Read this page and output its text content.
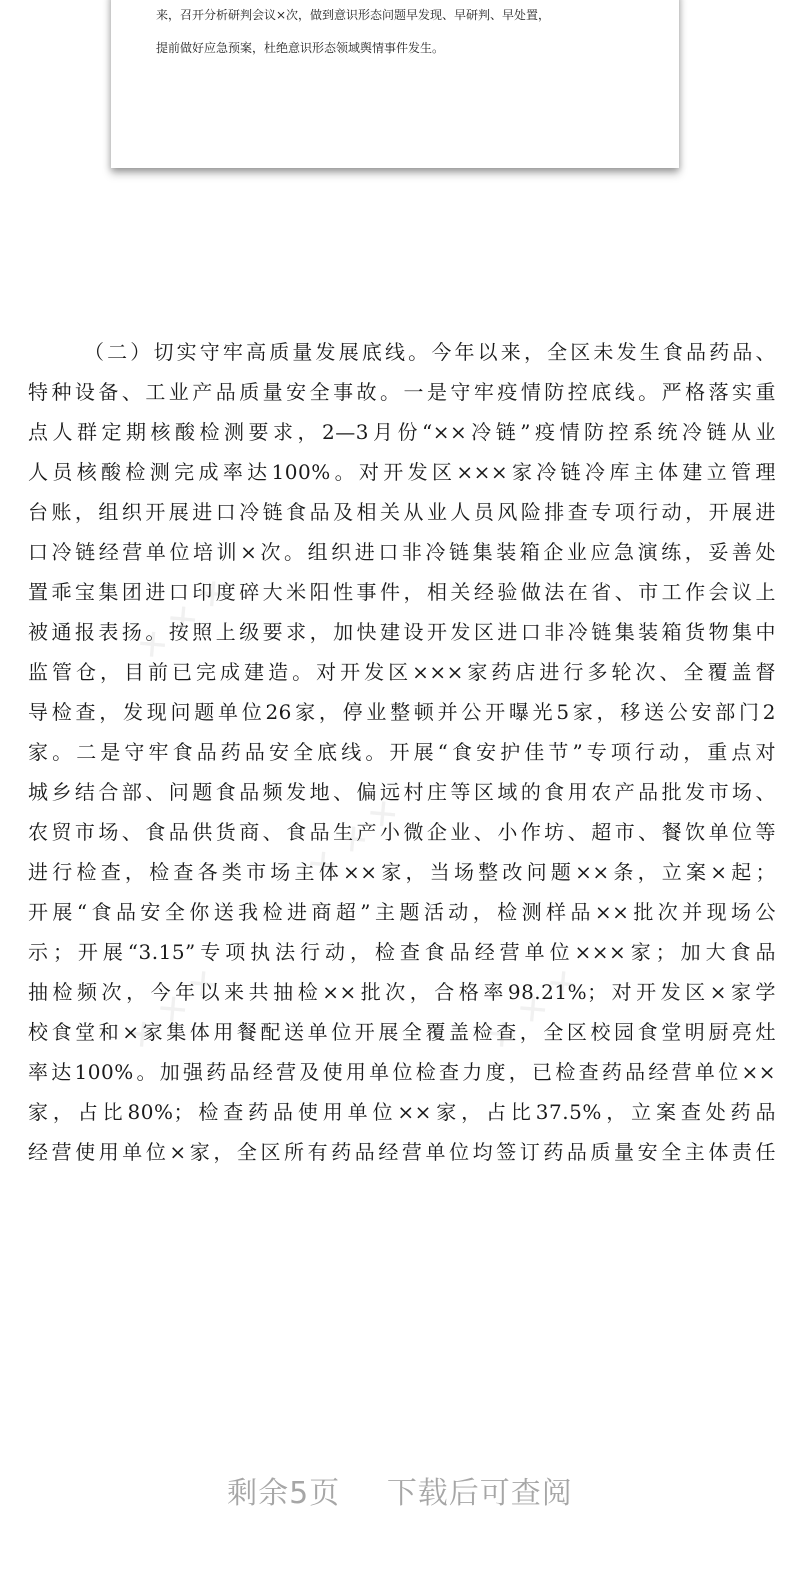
来，召开分析研判会议×次，做到意识形态问题早发现、早研判、早处置，
提前做好应急预案，杜绝意识形态领域舆情事件发生。
✕ ✕ ✕
✕ ✕ ✕
✕ ✕ ✕	✕ ✕ ✕
（二）切实守牢高质量发展底线。今年以来，全区未发生食品药品、
特种设备、工业产品质量安全事故。一是守牢疫情防控底线。严格落实重
点人群定期核酸检测要求，2—3月份“××冷链”疫情防控系统冷链从业
人员核酸检测完成率达100%。对开发区×××家冷链冷库主体建立管理
台账，组织开展进口冷链食品及相关从业人员风险排查专项行动，开展进
口冷链经营单位培训×次。组织进口非冷链集装箱企业应急演练，妥善处
置乖宝集团进口印度碎大米阳性事件，相关经验做法在省、市工作会议上
被通报表扬。按照上级要求，加快建设开发区进口非冷链集装箱货物集中
监管仓，目前已完成建造。对开发区×××家药店进行多轮次、全覆盖督
导检查，发现问题单位26家，停业整顿并公开曝光5家，移送公安部门2
家。二是守牢食品药品安全底线。开展“食安护佳节”专项行动，重点对
城乡结合部、问题食品频发地、偏远村庄等区域的食用农产品批发市场、
农贸市场、食品供货商、食品生产小微企业、小作坊、超市、餐饮单位等
进行检查，检查各类市场主体××家，当场整改问题××条，立案×起；
开展“食品安全你送我检进商超”主题活动，检测样品××批次并现场公
示；开展“3.15”专项执法行动，检查食品经营单位×××家；加大食品
抽检频次，今年以来共抽检××批次，合格率98.21%；对开发区×家学
校食堂和×家集体用餐配送单位开展全覆盖检查，全区校园食堂明厨亮灶
率达100%。加强药品经营及使用单位检查力度，已检查药品经营单位××
家，占比80%；检查药品使用单位××家，占比37.5%，立案查处药品
经营使用单位×家，全区所有药品经营单位均签订药品质量安全主体责任
剩余5页 下载后可查阅
